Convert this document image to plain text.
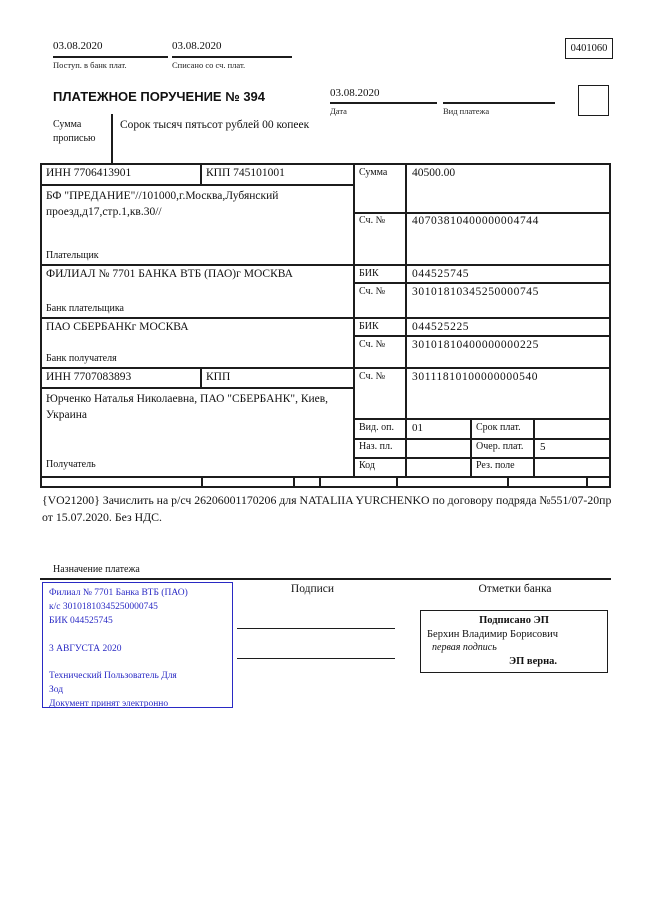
03.08.2020
Поступ. в банк плат.
03.08.2020
Списано со сч. плат.
0401060
ПЛАТЕЖНОЕ ПОРУЧЕНИЕ № 394	03.08.2020
Дата	Вид платежа
Сумма
прописью
Сорок тысяч пятьсот рублей 00 копеек
ИНН 7706413901	КПП 745101001	Сумма 40500.00
БФ "ПРЕДАНИЕ"//101000,г.Москва,Лубянский проезд,д17,стр.1,кв.30//
Сч. № 40703810400000004744
Плательщик
ФИЛИАЛ № 7701 БАНКА ВТБ (ПАО)г МОСКВА	БИК	044525745
Сч. № 30101810345250000745
Банк плательщика
ПАО СБЕРБАНКг МОСКВА	БИК	044525225
Сч. № 30101810400000000225
Банк получателя
ИНН 7707083893	КПП	Сч. № 30111810100000000540
Юрченко Наталья Николаевна, ПАО "СБЕРБАНК", Киев, Украина
Получатель
Вид. оп. 01	Срок плат.
Наз. пл.	Очер. плат. 5
Код	Рез. поле
{VO21200} Зачислить на р/сч 26206001170206 для NATALIIA YURCHENKO по договору подряда №551/07-20пр от 15.07.2020. Без НДС.
Назначение платежа
Филиал № 7701 Банка ВТБ (ПАО)
к/с 30101810345250000745
БИК 044525745
3 АВГУСТА 2020
Технический Пользователь Для
Зод
Документ принят электронно
Подписи	Отметки банка
Подписано ЭП
Берхин Владимир Борисович
первая подпись
ЭП верна.
